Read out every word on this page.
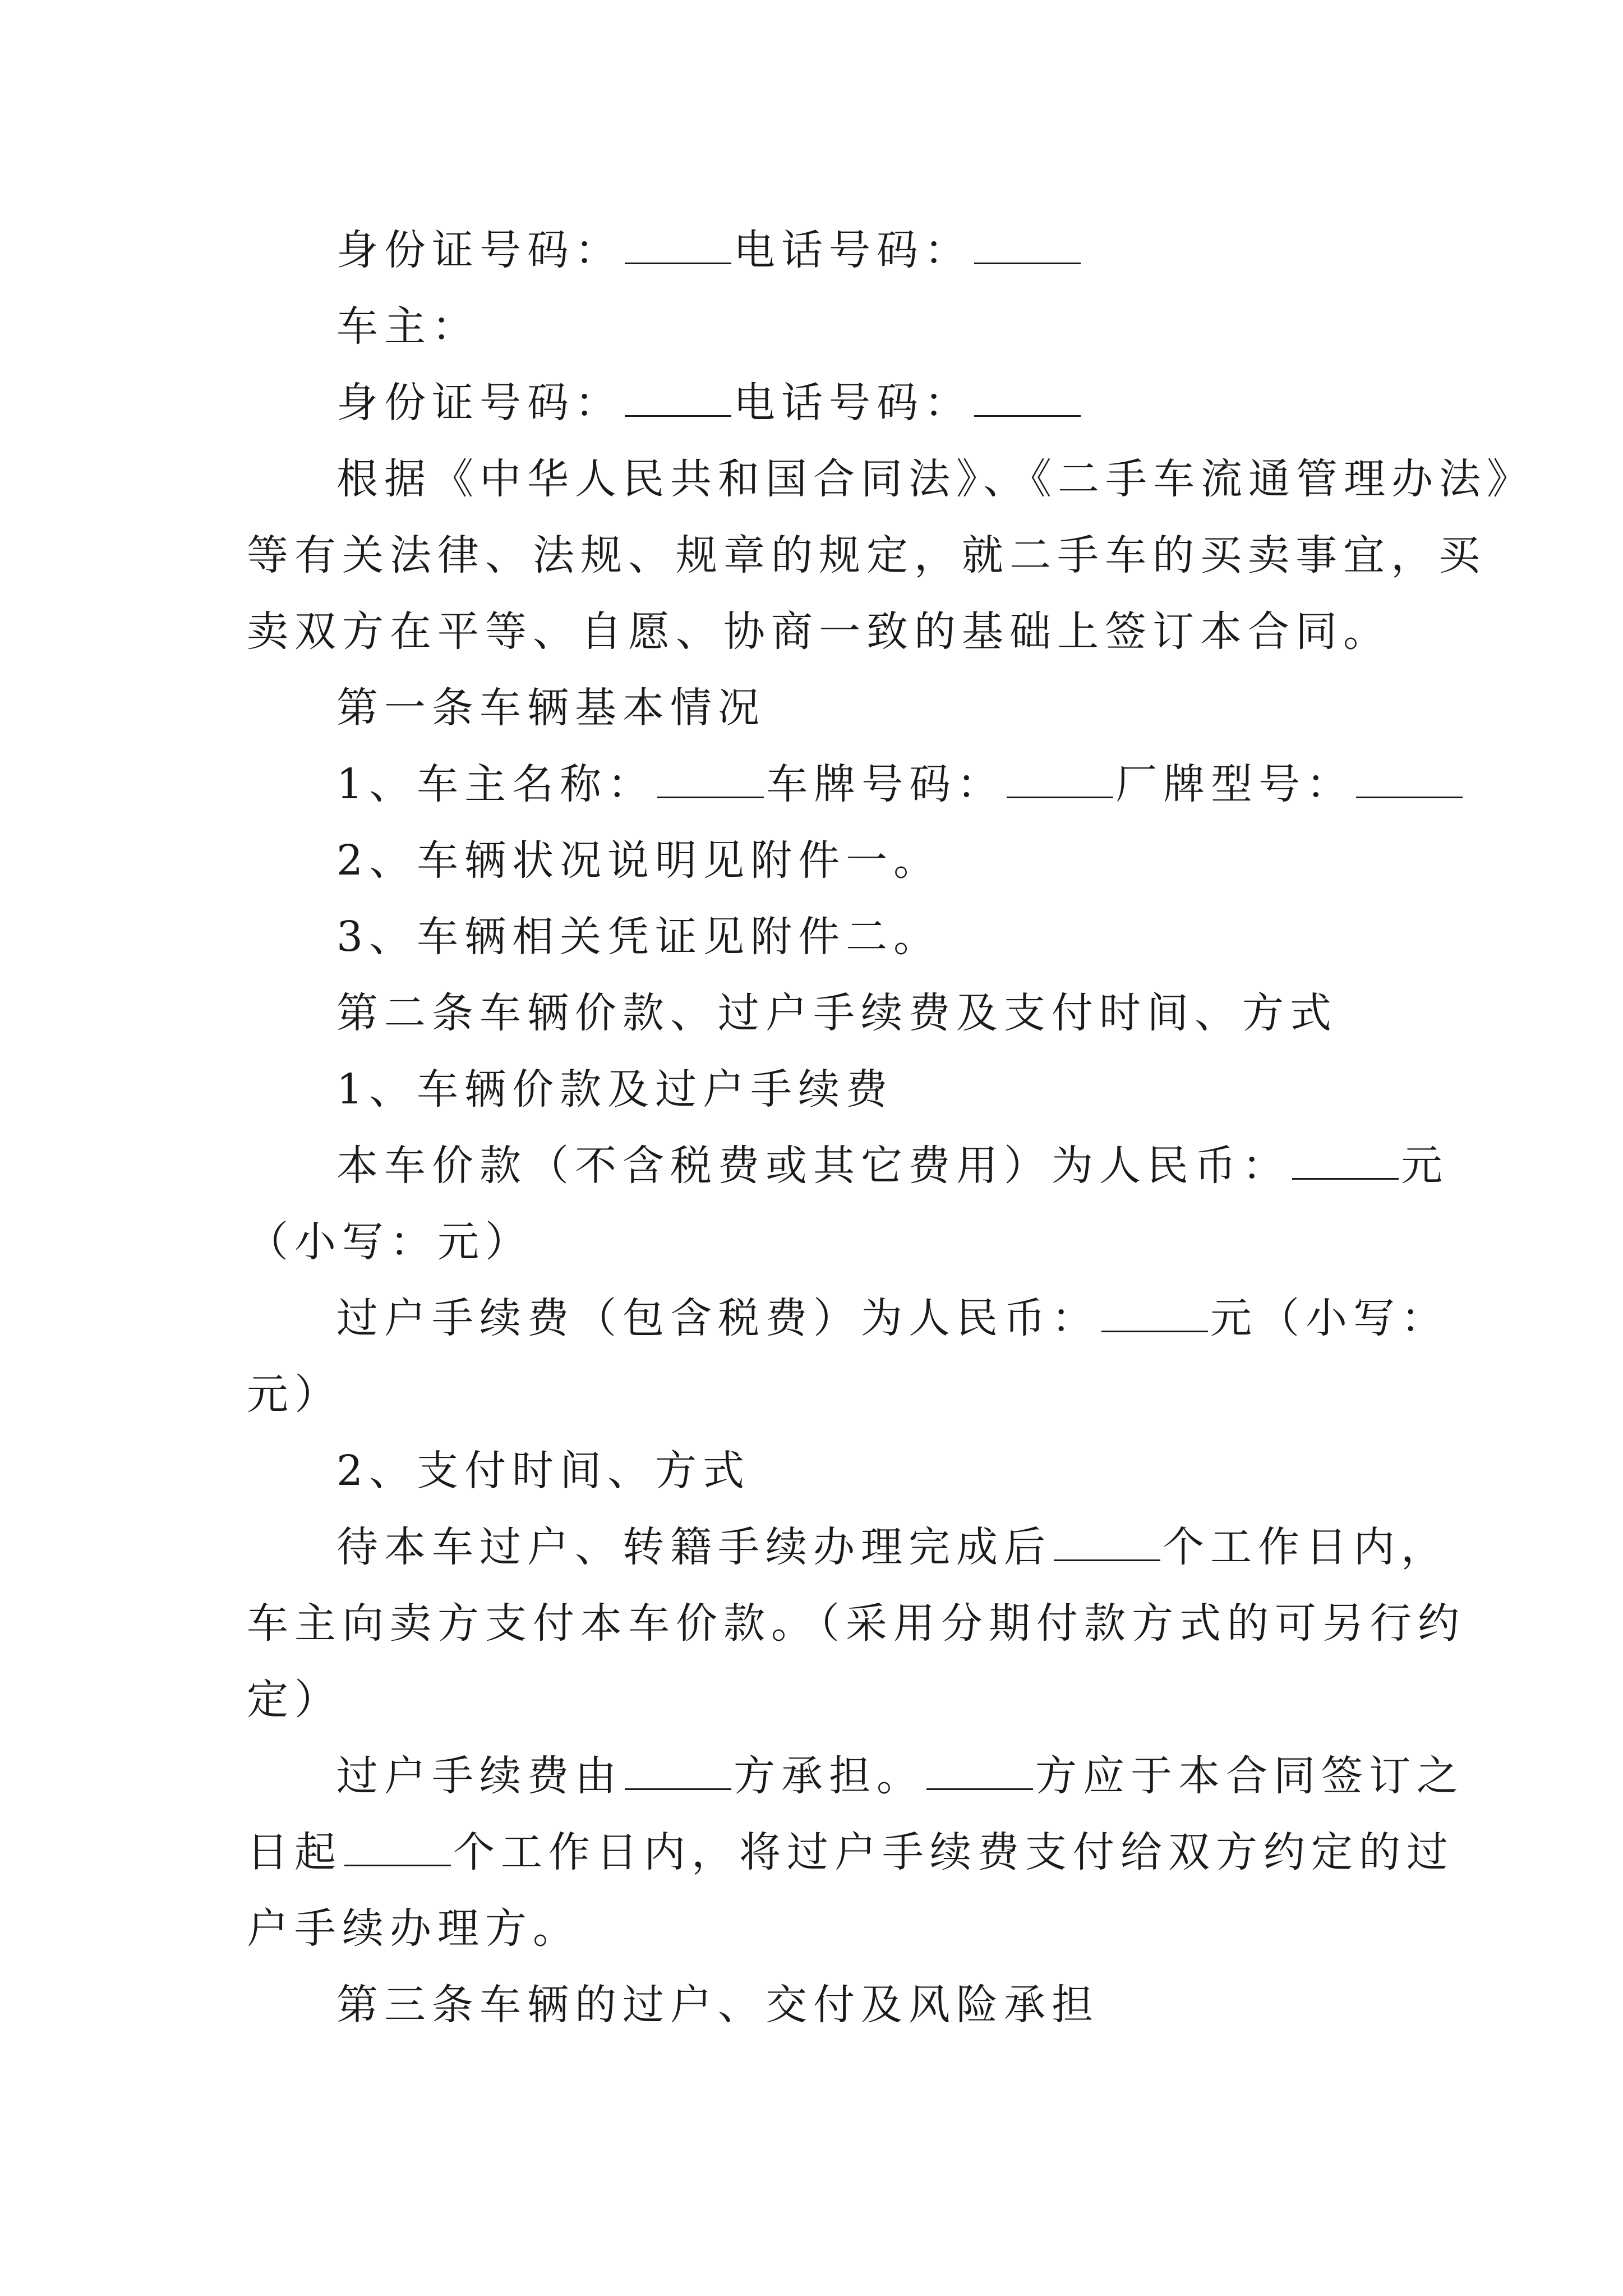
身份证号码：	电话号码：
车主：
身份证号码：	电话号码：
根据《中华人民共和国合同法》、《二手车流通管理办法》
等有关法律、法规、规章的规定，就二手车的买卖事宜，买
卖双方在平等、自愿、协商一致的基础上签订本合同。
第一条车辆基本情况
1、车主名称：	车牌号码：	厂牌型号：
2、车辆状况说明见附件一。
3、车辆相关凭证见附件二。
第二条车辆价款、过户手续费及支付时间、方式
1、车辆价款及过户手续费
本车价款（不含税费或其它费用）为人民币：	元
（小写：元）
过户手续费（包含税费）为人民币：	元（小写：
元）
2、支付时间、方式
待本车过户、转籍手续办理完成后	个工作日内，
车主向卖方支付本车价款。（采用分期付款方式的可另行约
定）
过户手续费由	方承担。	方应于本合同签订之
日起	个工作日内，将过户手续费支付给双方约定的过
户手续办理方。
第三条车辆的过户、交付及风险承担
